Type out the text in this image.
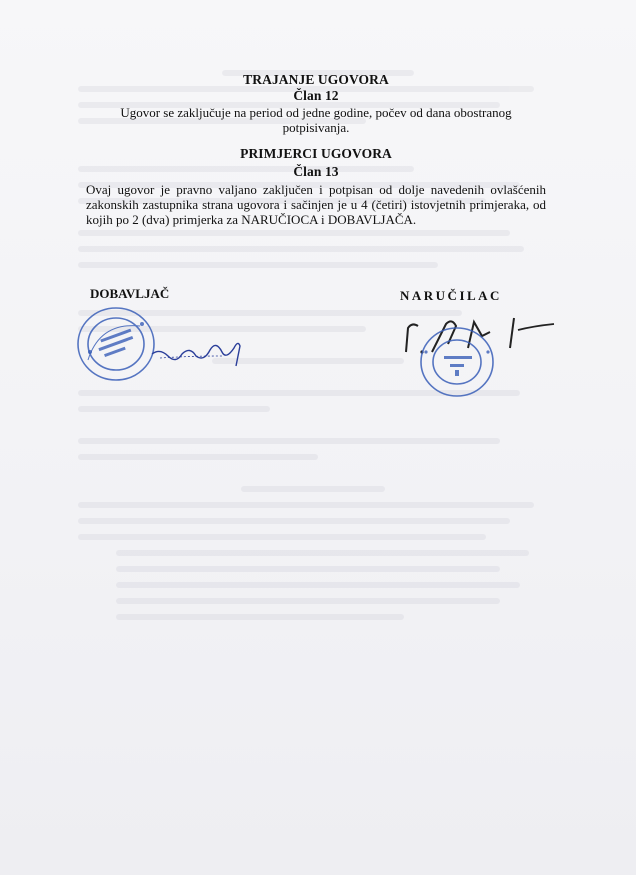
TRAJANJE UGOVORA
Član 12
Ugovor se zaključuje na period od jedne godine, počev od dana obostranog potpisivanja.
PRIMJERCI UGOVORA
Član 13
Ovaj ugovor je pravno valjano zaključen i potpisan od dolje navedenih ovlašćenih zakonskih zastupnika strana ugovora i sačinjen je u 4 (četiri) istovjetnih primjeraka, od kojih po 2 (dva) primjerka za NARUČIOCA i DOBAVLJAČA.
DOBAVLJAČ	NARUČILAC
